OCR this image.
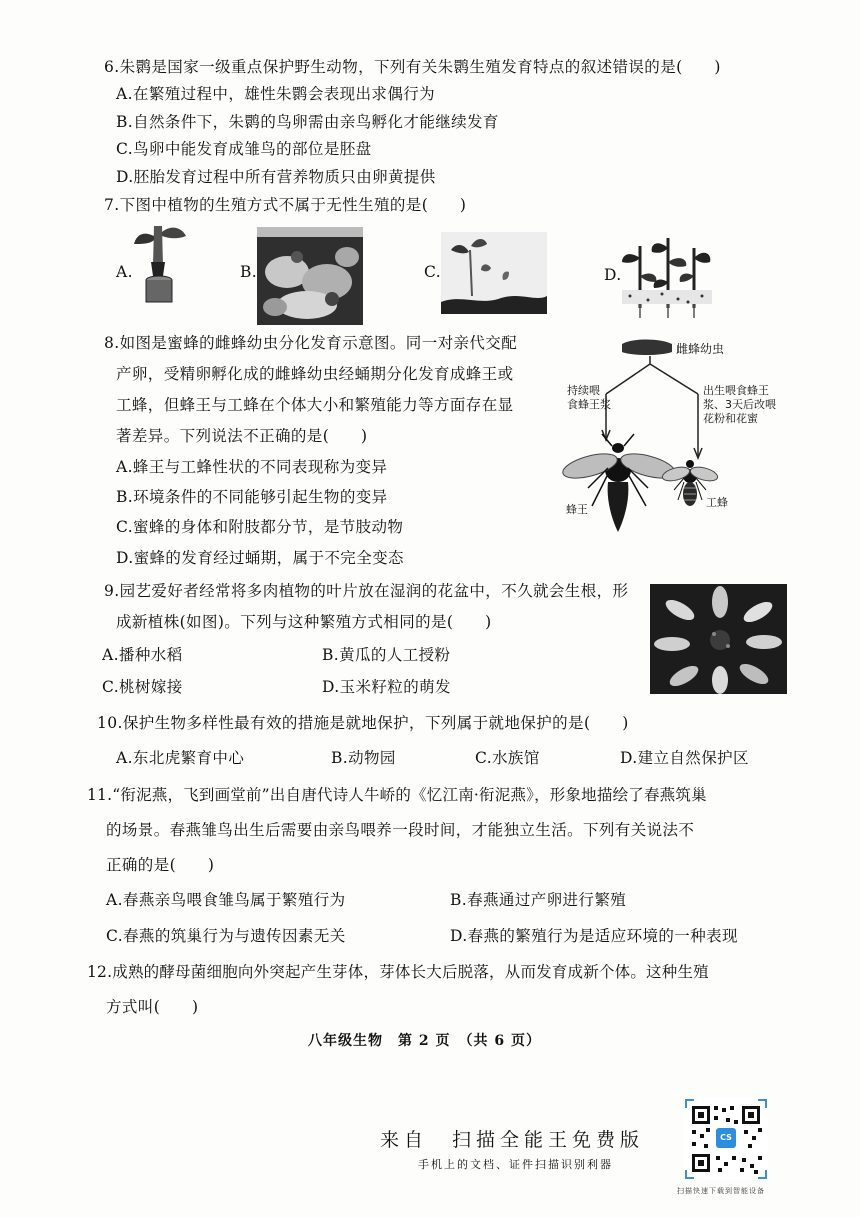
6.朱鹮是国家一级重点保护野生动物，下列有关朱鹮生殖发育特点的叙述错误的是(　　)
A.在繁殖过程中，雄性朱鹮会表现出求偶行为
B.自然条件下，朱鹮的鸟卵需由亲鸟孵化才能继续发育
C.鸟卵中能发育成雏鸟的部位是胚盘
D.胚胎发育过程中所有营养物质只由卵黄提供
7.下图中植物的生殖方式不属于无性生殖的是(　　)
A.	B.	C.	D.
8.如图是蜜蜂的雌蜂幼虫分化发育示意图。同一对亲代交配
产卵，受精卵孵化成的雌蜂幼虫经蛹期分化发育成蜂王或
工蜂，但蜂王与工蜂在个体大小和繁殖能力等方面存在显
著差异。下列说法不正确的是(　　)
A.蜂王与工蜂性状的不同表现称为变异
B.环境条件的不同能够引起生物的变异
C.蜜蜂的身体和附肢都分节，是节肢动物
D.蜜蜂的发育经过蛹期，属于不完全变态
雌蜂幼虫
持续喂
食蜂王浆
出生喂食蜂王
浆、3天后改喂
花粉和花蜜
蜂王
工蜂
9.园艺爱好者经常将多肉植物的叶片放在湿润的花盆中，不久就会生根，形
成新植株(如图)。下列与这种繁殖方式相同的是(　　)
A.播种水稻	B.黄瓜的人工授粉
C.桃树嫁接	D.玉米籽粒的萌发
10.保护生物多样性最有效的措施是就地保护，下列属于就地保护的是(　　)
A.东北虎繁育中心	B.动物园	C.水族馆	D.建立自然保护区
11.“衔泥燕，飞到画堂前”出自唐代诗人牛峤的《忆江南·衔泥燕》，形象地描绘了春燕筑巢
的场景。春燕雏鸟出生后需要由亲鸟喂养一段时间，才能独立生活。下列有关说法不
正确的是(　　)
A.春燕亲鸟喂食雏鸟属于繁殖行为	B.春燕通过产卵进行繁殖
C.春燕的筑巢行为与遗传因素无关	D.春燕的繁殖行为是适应环境的一种表现
12.成熟的酵母菌细胞向外突起产生芽体，芽体长大后脱落，从而发育成新个体。这种生殖
方式叫(　　)
八年级生物　第 2 页　（共 6 页）
来自　扫描全能王免费版
手机上的文档、证件扫描识别利器
CS
扫描快速下载到智能设备
